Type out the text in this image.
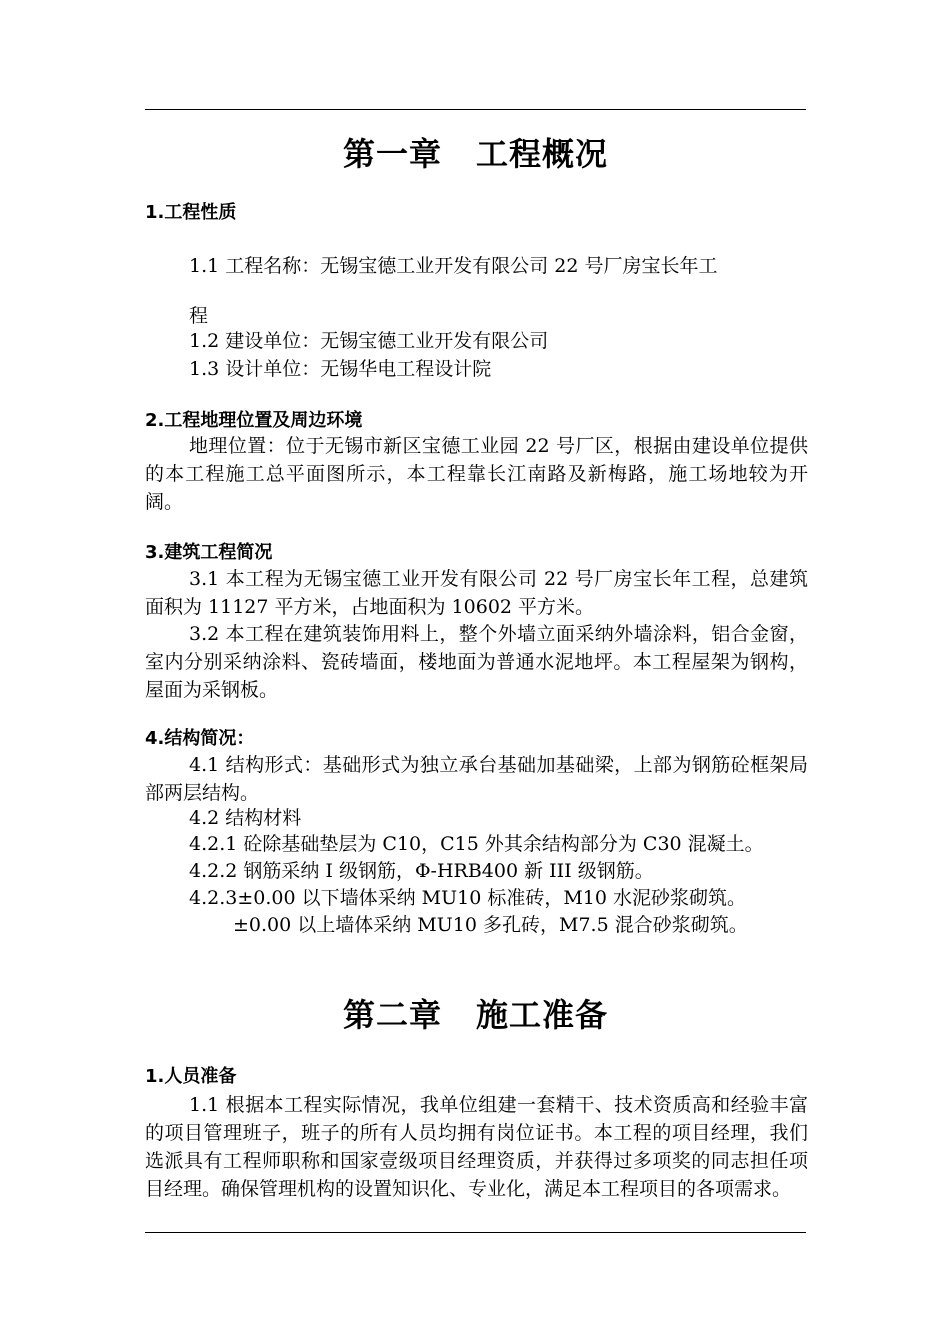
第一章 工程概况
1.工程性质

1.1 工程名称：无锡宝德工业开发有限公司 22 号厂房宝长年工

程

1.2 建设单位：无锡宝德工业开发有限公司

1.3 设计单位：无锡华电工程设计院

2.工程地理位置及周边环境

地理位置：位于无锡市新区宝德工业园 22 号厂区，根据由建设单位提供的本工程施工总平面图所示，本工程靠长江南路及新梅路，施工场地较为开阔。

3.建筑工程简况

3.1 本工程为无锡宝德工业开发有限公司 22 号厂房宝长年工程，总建筑面积为 11127 平方米，占地面积为 10602 平方米。

3.2 本工程在建筑装饰用料上，整个外墙立面采纳外墙涂料，铝合金窗，室内分别采纳涂料、瓷砖墙面，楼地面为普通水泥地坪。本工程屋架为钢构，屋面为采钢板。

4.结构简况：

4.1 结构形式：基础形式为独立承台基础加基础梁，上部为钢筋砼框架局部两层结构。

4.2 结构材料

4.2.1 砼除基础垫层为 C10，C15 外其余结构部分为 C30 混凝土。

4.2.2 钢筋采纳 I 级钢筋，Φ-HRB400 新 III 级钢筋。

4.2.3±0.00 以下墙体采纳 MU10 标准砖，M10 水泥砂浆砌筑。

±0.00 以上墙体采纳 MU10 多孔砖，M7.5 混合砂浆砌筑。

第二章 施工准备
1.人员准备

1.1 根据本工程实际情况，我单位组建一套精干、技术资质高和经验丰富的项目管理班子，班子的所有人员均拥有岗位证书。本工程的项目经理，我们选派具有工程师职称和国家壹级项目经理资质，并获得过多项奖的同志担任项目经理。确保管理机构的设置知识化、专业化，满足本工程项目的各项需求。
